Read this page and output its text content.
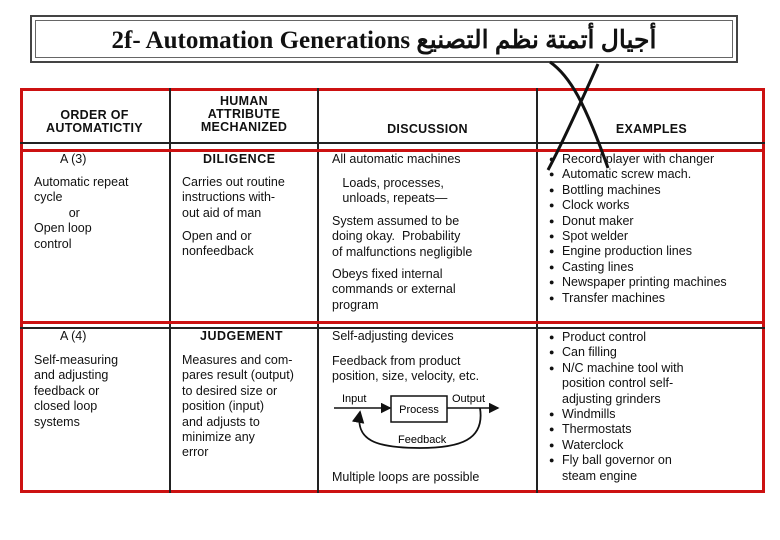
2f- Automation Generations أجيال أتمتة نظم التصنيع
ORDER OF
AUTOMATICTIY
HUMAN
ATTRIBUTE
MECHANIZED	DISCUSSION	EXAMPLES
A (3)
Automatic repeat
cycle
or
Open loop
control
DILIGENCE
Carries out routine
instructions with-
out aid of man
Open and or
nonfeedback
All automatic machines
Loads, processes,
unloads, repeats—
System assumed to be
doing okay.  Probability
of malfunctions negligible
Obeys fixed internal
commands or external
program
● Record player with changer
● Automatic screw mach.
● Bottling machines
● Clock works
● Donut maker
● Spot welder
● Engine production lines
● Casting lines
● Newspaper printing machines
● Transfer machines
A (4)
Self-measuring
and adjusting
feedback or
closed loop
systems
JUDGEMENT
Measures and com-
pares result (output)
to desired size or
position (input)
and adjusts to
minimize any
error
Self-adjusting devices
Feedback from product
position, size, velocity, etc.
Input
Process
Output
Feedback
Multiple loops are possible
● Product control
● Can filling
● N/C machine tool with
position control self-
adjusting grinders
● Windmills
● Thermostats
● Waterclock
● Fly ball governor on
steam engine
